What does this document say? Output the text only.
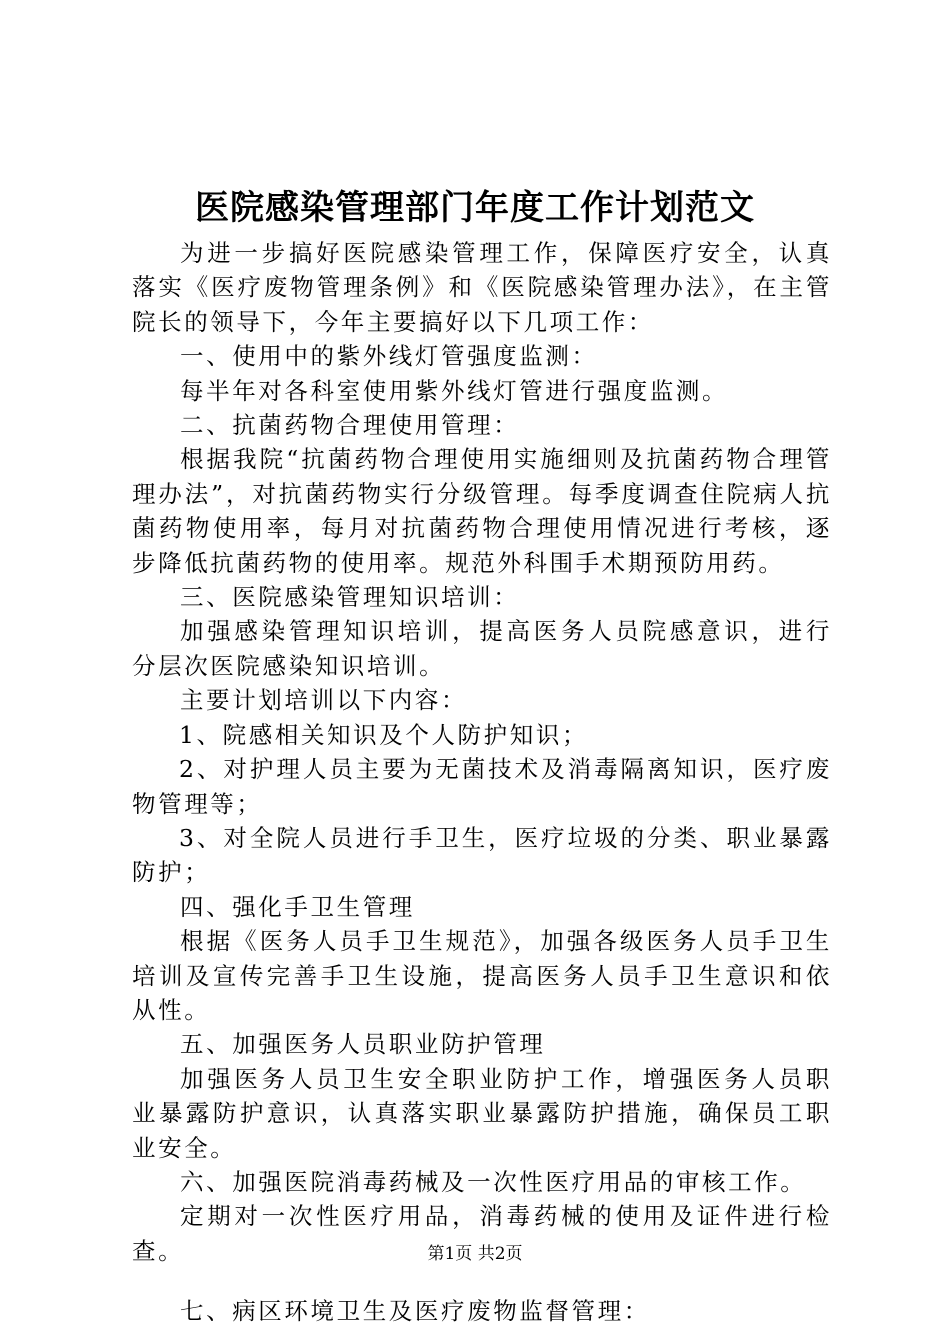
医院感染管理部门年度工作计划范文

为进一步搞好医院感染管理工作，保障医疗安全，认真落实《医疗废物管理条例》和《医院感染管理办法》，在主管院长的领导下，今年主要搞好以下几项工作：

一、使用中的紫外线灯管强度监测：

每半年对各科室使用紫外线灯管进行强度监测。

二、抗菌药物合理使用管理：

根据我院“抗菌药物合理使用实施细则及抗菌药物合理管理办法”，对抗菌药物实行分级管理。每季度调查住院病人抗菌药物使用率，每月对抗菌药物合理使用情况进行考核，逐步降低抗菌药物的使用率。规范外科围手术期预防用药。

三、医院感染管理知识培训：

加强感染管理知识培训，提高医务人员院感意识，进行分层次医院感染知识培训。

主要计划培训以下内容：

1、院感相关知识及个人防护知识；

2、对护理人员主要为无菌技术及消毒隔离知识，医疗废物管理等；

3、对全院人员进行手卫生，医疗垃圾的分类、职业暴露防护；

四、强化手卫生管理

根据《医务人员手卫生规范》，加强各级医务人员手卫生培训及宣传完善手卫生设施，提高医务人员手卫生意识和依从性。

五、加强医务人员职业防护管理

加强医务人员卫生安全职业防护工作，增强医务人员职业暴露防护意识，认真落实职业暴露防护措施，确保员工职业安全。

六、加强医院消毒药械及一次性医疗用品的审核工作。

定期对一次性医疗用品，消毒药械的使用及证件进行检查。

七、病区环境卫生及医疗废物监督管理：

第1页 共2页
